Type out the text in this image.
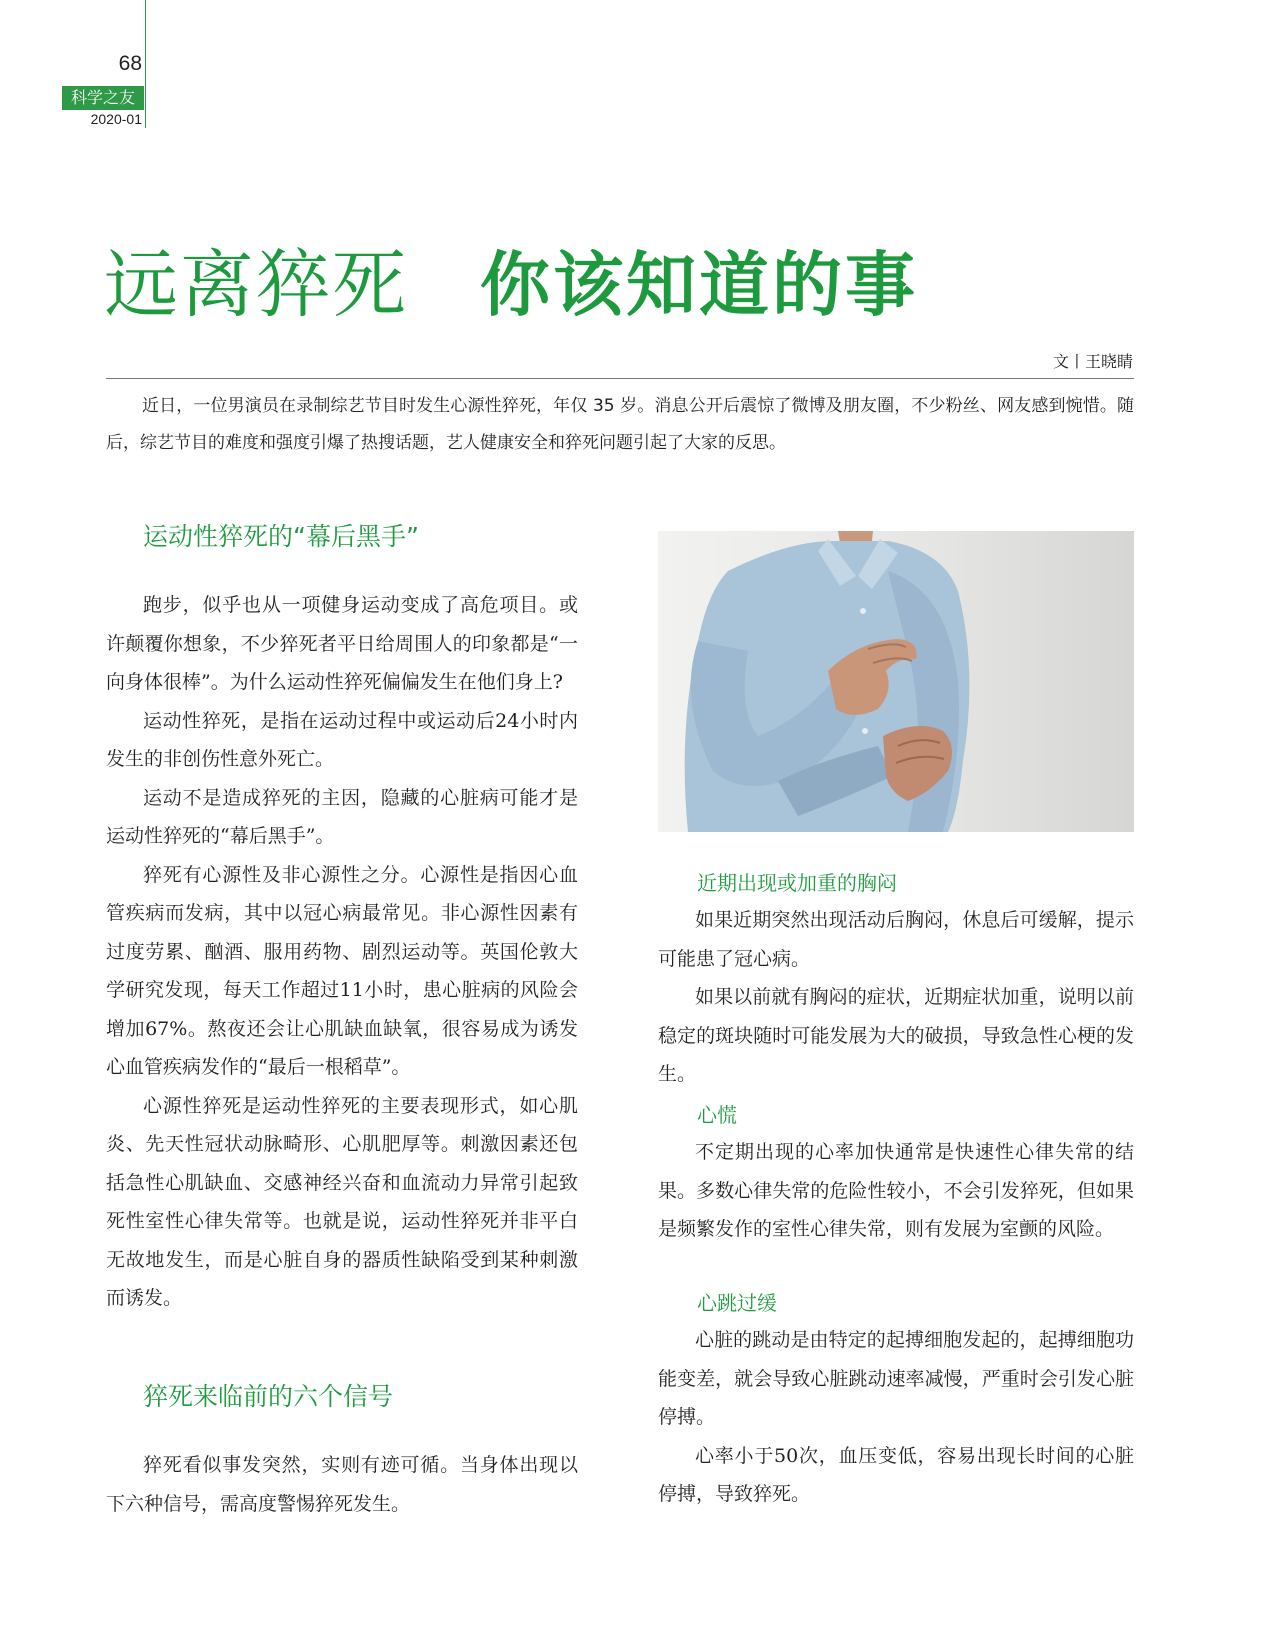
68
科学之友
2020-01
远离猝死 你该知道的事
文丨王晓睛

近日，一位男演员在录制综艺节目时发生心源性猝死，年仅 35 岁。消息公开后震惊了微博及朋友圈，不少粉丝、网友感到惋惜。随后，综艺节目的难度和强度引爆了热搜话题，艺人健康安全和猝死问题引起了大家的反思。

运动性猝死的“幕后黑手”

跑步，似乎也从一项健身运动变成了高危项目。或许颠覆你想象，不少猝死者平日给周围人的印象都是“一向身体很棒”。为什么运动性猝死偏偏发生在他们身上?

运动性猝死，是指在运动过程中或运动后24小时内发生的非创伤性意外死亡。

运动不是造成猝死的主因，隐藏的心脏病可能才是运动性猝死的“幕后黑手”。

猝死有心源性及非心源性之分。心源性是指因心血管疾病而发病，其中以冠心病最常见。非心源性因素有过度劳累、酗酒、服用药物、剧烈运动等。英国伦敦大学研究发现，每天工作超过11小时，患心脏病的风险会增加67%。熬夜还会让心肌缺血缺氧，很容易成为诱发心血管疾病发作的“最后一根稻草”。

心源性猝死是运动性猝死的主要表现形式，如心肌炎、先天性冠状动脉畸形、心肌肥厚等。刺激因素还包括急性心肌缺血、交感神经兴奋和血流动力异常引起致死性室性心律失常等。也就是说，运动性猝死并非平白无故地发生，而是心脏自身的器质性缺陷受到某种刺激而诱发。

猝死来临前的六个信号

猝死看似事发突然，实则有迹可循。当身体出现以下六种信号，需高度警惕猝死发生。

近期出现或加重的胸闷

如果近期突然出现活动后胸闷，休息后可缓解，提示可能患了冠心病。

如果以前就有胸闷的症状，近期症状加重，说明以前稳定的斑块随时可能发展为大的破损，导致急性心梗的发生。

心慌

不定期出现的心率加快通常是快速性心律失常的结果。多数心律失常的危险性较小，不会引发猝死，但如果是频繁发作的室性心律失常，则有发展为室颤的风险。

心跳过缓

心脏的跳动是由特定的起搏细胞发起的，起搏细胞功能变差，就会导致心脏跳动速率减慢，严重时会引发心脏停搏。

心率小于50次，血压变低，容易出现长时间的心脏停搏，导致猝死。
